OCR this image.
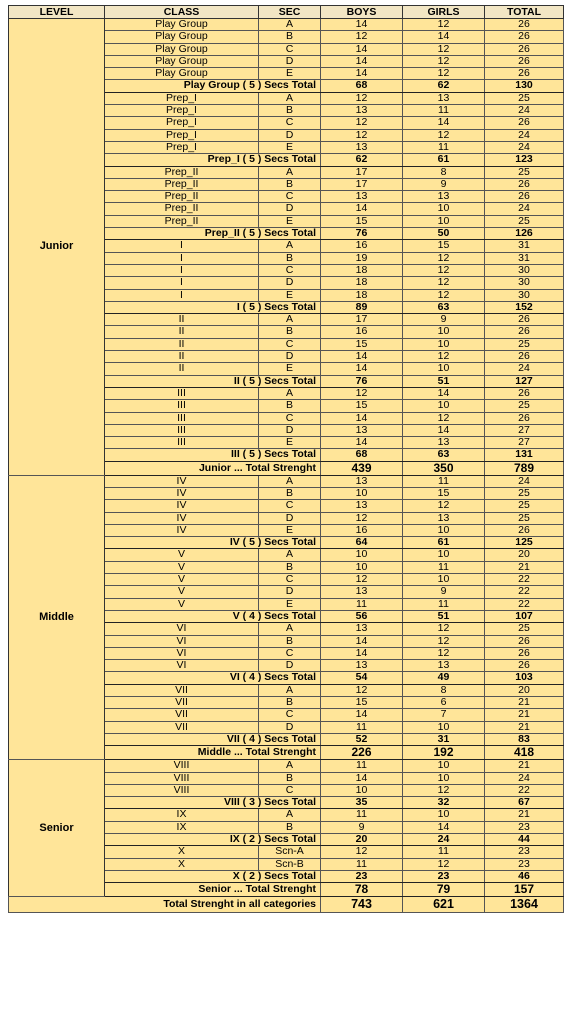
LEVEL	CLASS	SEC	BOYS	GIRLS	TOTAL
Junior	Play Group	A	14	12	26
	Play Group	B	12	14	26
	Play Group	C	14	12	26
	Play Group	D	14	12	26
	Play Group	E	14	12	26
	Play Group ( 5 ) Secs Total		68	62	130
	Prep_I	A	12	13	25
	Prep_I	B	13	11	24
	Prep_I	C	12	14	26
	Prep_I	D	12	12	24
	Prep_I	E	13	11	24
	Prep_I ( 5 ) Secs Total		62	61	123
	Prep_II	A	17	8	25
	Prep_II	B	17	9	26
	Prep_II	C	13	13	26
	Prep_II	D	14	10	24
	Prep_II	E	15	10	25
	Prep_II ( 5 ) Secs Total		76	50	126
	I	A	16	15	31
	I	B	19	12	31
	I	C	18	12	30
	I	D	18	12	30
	I	E	18	12	30
	I ( 5 ) Secs Total		89	63	152
	II	A	17	9	26
	II	B	16	10	26
	II	C	15	10	25
	II	D	14	12	26
	II	E	14	10	24
	II ( 5 ) Secs Total		76	51	127
	III	A	12	14	26
	III	B	15	10	25
	III	C	14	12	26
	III	D	13	14	27
	III	E	14	13	27
	III ( 5 ) Secs Total		68	63	131
	Junior ... Total Strenght		439	350	789
Middle	IV	A	13	11	24
	IV	B	10	15	25
	IV	C	13	12	25
	IV	D	12	13	25
	IV	E	16	10	26
	IV ( 5 ) Secs Total		64	61	125
	V	A	10	10	20
	V	B	10	11	21
	V	C	12	10	22
	V	D	13	9	22
	V	E	11	11	22
	V ( 4 ) Secs Total		56	51	107
	VI	A	13	12	25
	VI	B	14	12	26
	VI	C	14	12	26
	VI	D	13	13	26
	VI ( 4 ) Secs Total		54	49	103
	VII	A	12	8	20
	VII	B	15	6	21
	VII	C	14	7	21
	VII	D	11	10	21
	VII ( 4 ) Secs Total		52	31	83
	Middle ... Total Strenght		226	192	418
Senior	VIII	A	11	10	21
	VIII	B	14	10	24
	VIII	C	10	12	22
	VIII ( 3 ) Secs Total		35	32	67
	IX	A	11	10	21
	IX	B	9	14	23
	IX ( 2 ) Secs Total		20	24	44
	X	Scn-A	12	11	23
	X	Scn-B	11	12	23
	X ( 2 ) Secs Total		23	23	46
	Senior ... Total Strenght		78	79	157
Total Strenght in all categories			743	621	1364
